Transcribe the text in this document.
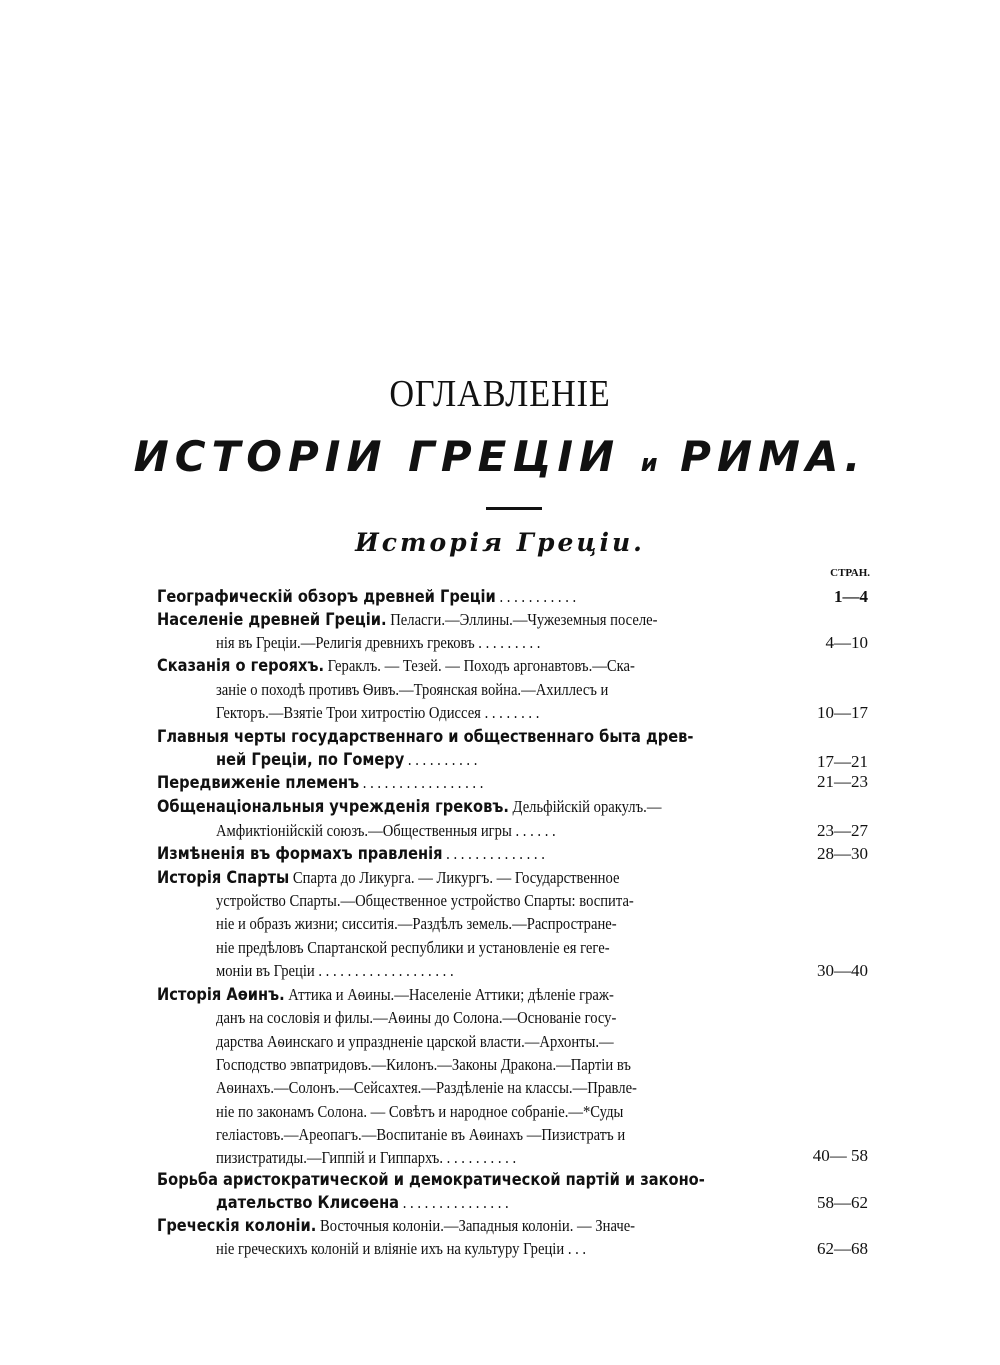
ОГЛАВЛЕНІЕ
ИСТОРІИ ГРЕЦІИ и РИМА.
Исторія Греціи.
СТРАН.
Географическій обзоръ древней Греціи . . . . . . . . . . .
Населеніе древней Греціи. Пеласги.—Эллины.—Чужеземныя поселе-
нія въ Греціи.—Религія древнихъ грековъ . . . . . . . . .
Сказанія о герояхъ. Гераклъ. — Тезей. — Походъ аргонавтовъ.—Ска-
заніе о походѣ противъ Ѳивъ.—Троянская война.—Ахиллесъ и
Гекторъ.—Взятіе Трои хитростію Одиссея . . . . . . . .
Главныя черты государственнаго и общественнаго быта древ-
ней Греціи, по Гомеру . . . . . . . . . .
Передвиженіе племенъ . . . . . . . . . . . . . . . . .
Общенаціональныя учрежденія грековъ. Дельфійскій оракулъ.—
Амфиктіонійскій союзъ.—Общественныя игры . . . . . .
Измѣненія въ формахъ правленія . . . . . . . . . . . . . .
Исторія Спарты Спарта до Ликурга. — Ликургъ. — Государственное
устройство Спарты.—Общественное устройство Спарты: воспита-
ніе и образъ жизни; сисситія.—Раздѣлъ земель.—Распростране-
ніе предѣловъ Спартанской республики и установленіе ея геге-
моніи въ Греціи . . . . . . . . . . . . . . . . . . .
Исторія Аѳинъ. Аттика и Аѳины.—Населеніе Аттики; дѣленіе граж-
данъ на сословія и филы.—Аѳины до Солона.—Основаніе госу-
дарства Аѳинскаго и упраздненіе царской власти.—Архонты.—
Господство эвпатридовъ.—Килонъ.—Законы Дракона.—Партіи въ
Аѳинахъ.—Солонъ.—Сейсахтея.—Раздѣленіе на классы.—Правле-
ніе по законамъ Солона. — Совѣтъ и народное собраніе.—*Суды
геліастовъ.—Ареопагъ.—Воспитаніе въ Аѳинахъ —Пизистратъ и
пизистратиды.—Гиппій и Гиппархъ. . . . . . . . . . .
Борьба аристократической и демократической партій и законо-
дательство Клисѳена . . . . . . . . . . . . . . .
Греческія колоніи. Восточныя колоніи.—Западныя колоніи. — Значе-
ніе греческихъ колоній и вліяніе ихъ на культуру Греціи . . .
1—4
4—10
10—17
17—21
21—23
23—27
28—30
30—40
40— 58
58—62
62—68
